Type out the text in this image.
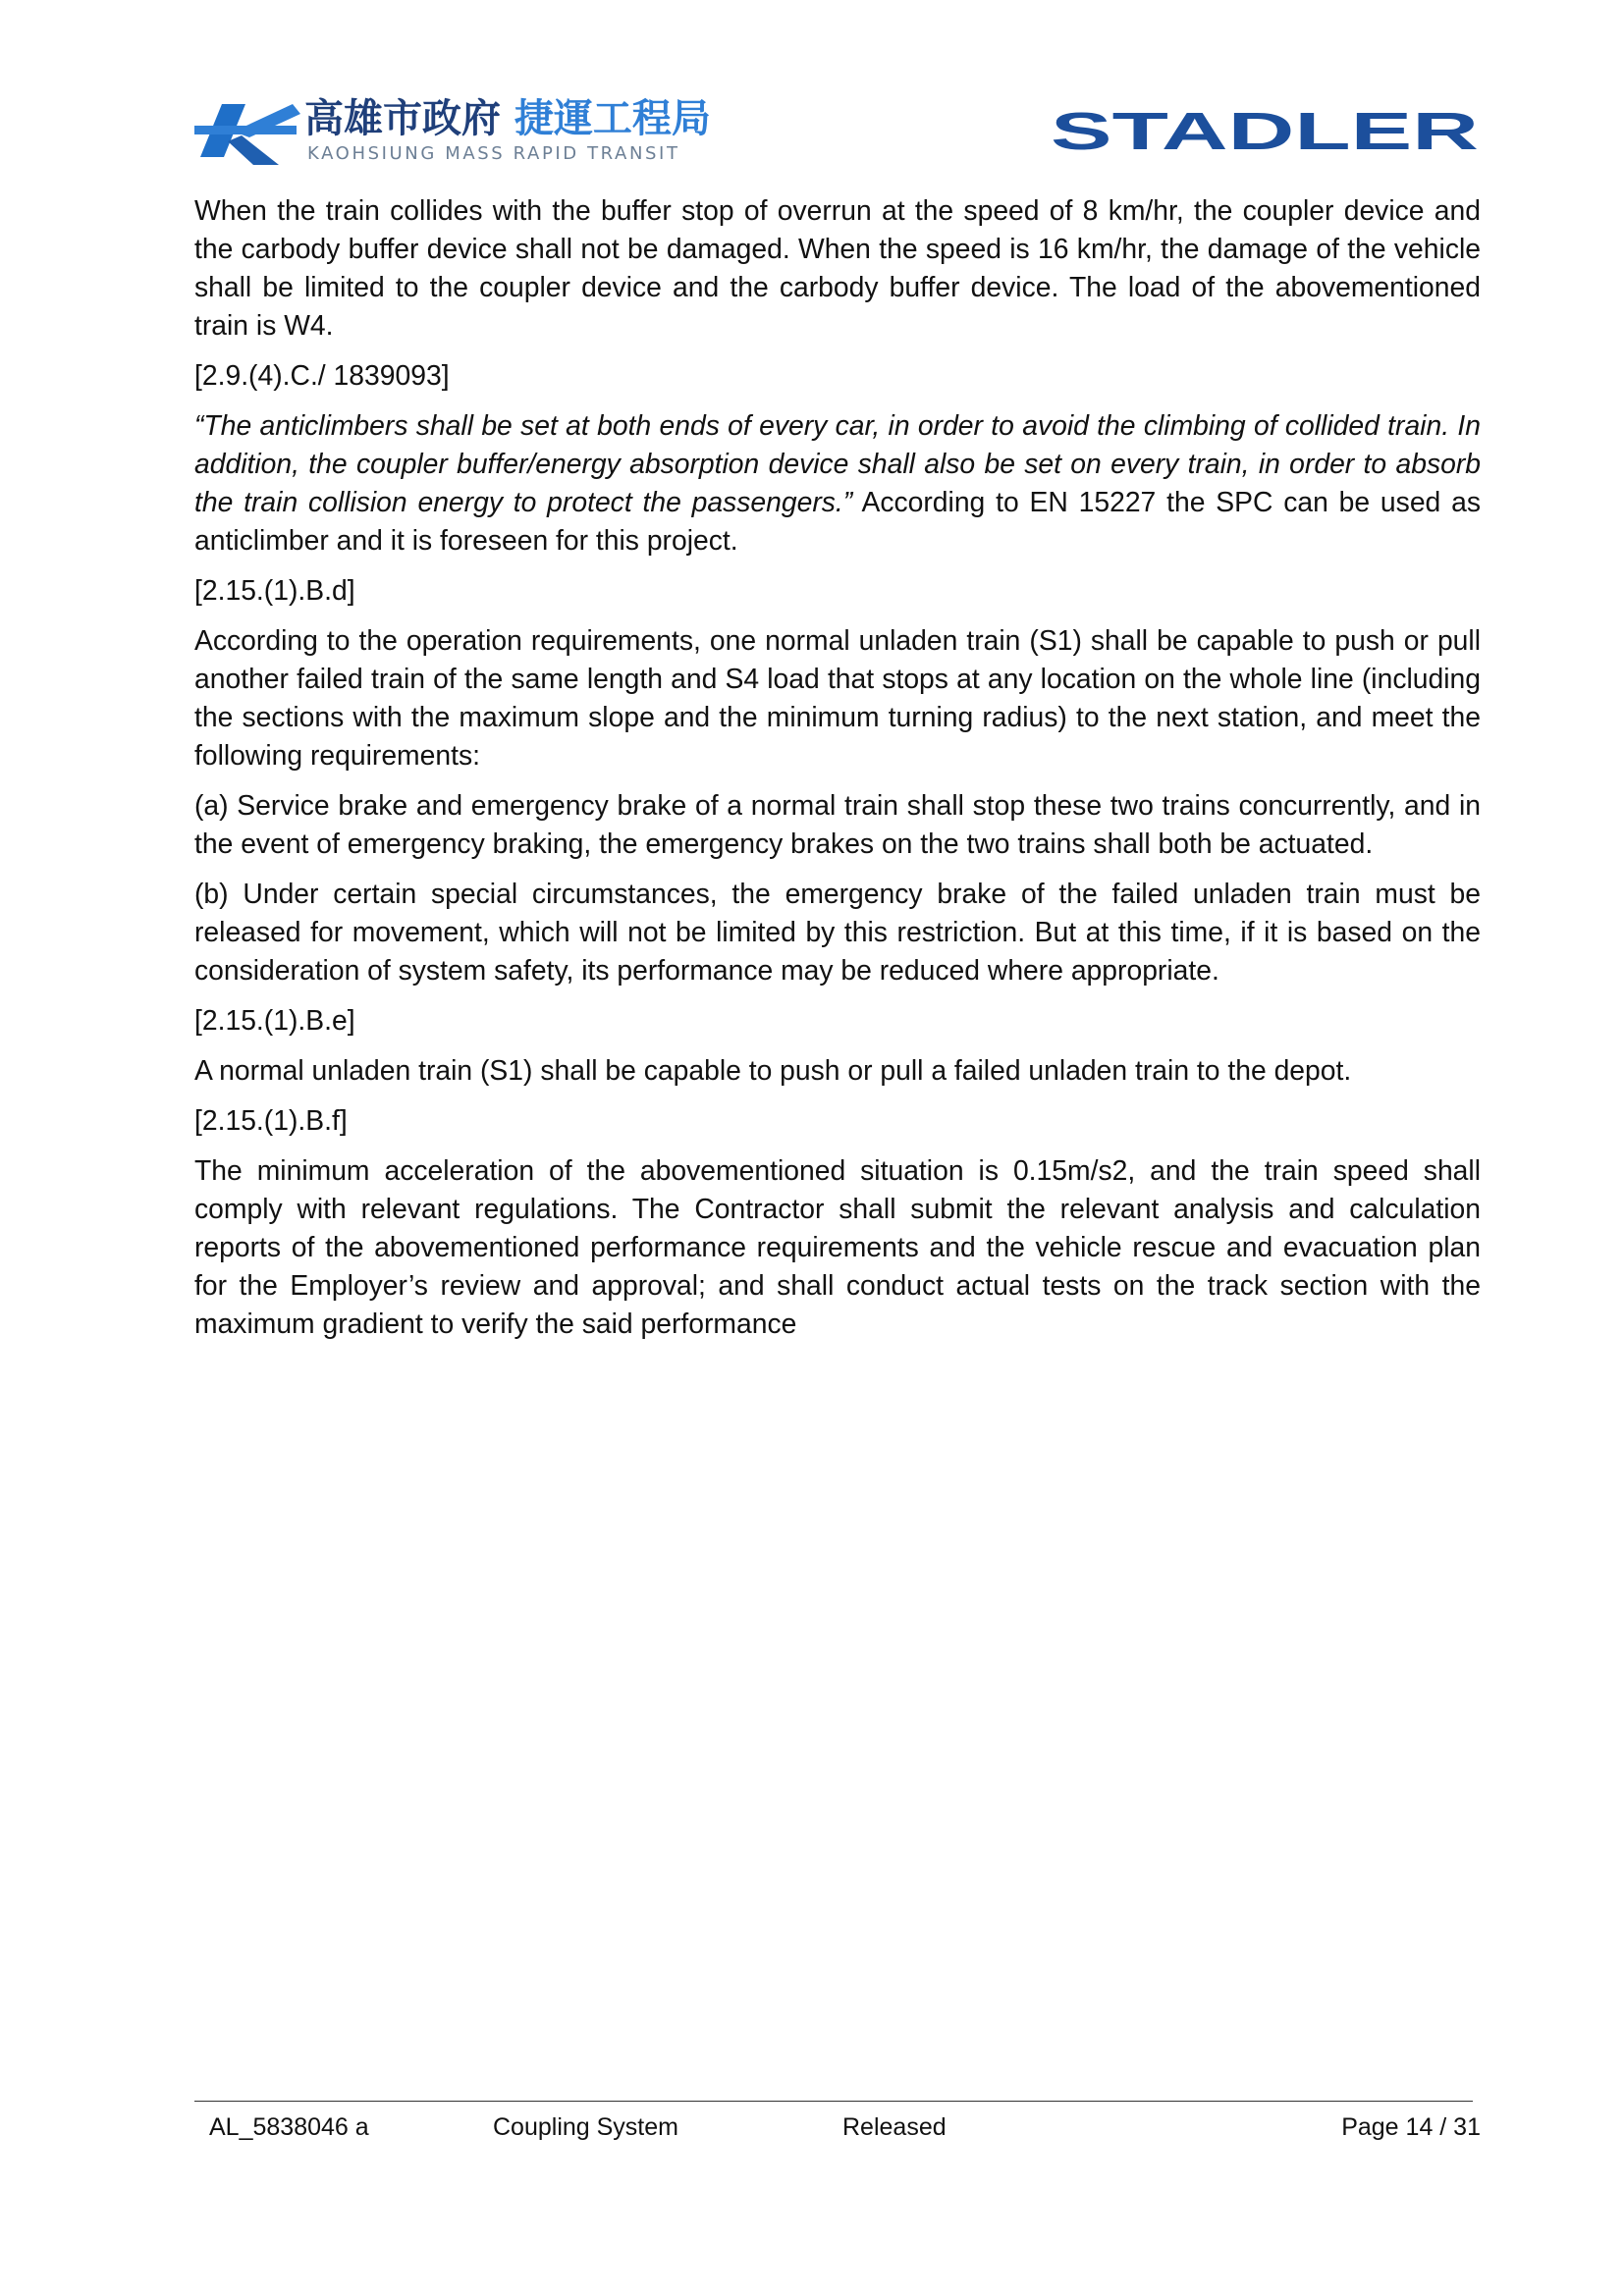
高雄市政府 捷運工程局
KAOHSIUNG MASS RAPID TRANSIT	STADLER

When the train collides with the buffer stop of overrun at the speed of 8 km/hr, the coupler device and the carbody buffer device shall not be damaged. When the speed is 16 km/hr, the damage of the vehicle shall be limited to the coupler device and the carbody buffer device. The load of the abovementioned train is W4.

[2.9.(4).C./ 1839093]

“The anticlimbers shall be set at both ends of every car, in order to avoid the climbing of collided train. In addition, the coupler buffer/energy absorption device shall also be set on every train, in order to absorb the train collision energy to protect the passengers.” According to EN 15227 the SPC can be used as anticlimber and it is foreseen for this project.

[2.15.(1).B.d]

According to the operation requirements, one normal unladen train (S1) shall be capable to push or pull another failed train of the same length and S4 load that stops at any location on the whole line (including the sections with the maximum slope and the minimum turning radius) to the next station, and meet the following requirements:

(a) Service brake and emergency brake of a normal train shall stop these two trains concurrently, and in the event of emergency braking, the emergency brakes on the two trains shall both be actuated.

(b) Under certain special circumstances, the emergency brake of the failed unladen train must be released for movement, which will not be limited by this restriction. But at this time, if it is based on the consideration of system safety, its performance may be reduced where appropriate.

[2.15.(1).B.e]

A normal unladen train (S1) shall be capable to push or pull a failed unladen train to the depot.

[2.15.(1).B.f]

The minimum acceleration of the abovementioned situation is 0.15m/s2, and the train speed shall comply with relevant regulations. The Contractor shall submit the relevant analysis and calculation reports of the abovementioned performance requirements and the vehicle rescue and evacuation plan for the Employer’s review and approval; and shall conduct actual tests on the track section with the maximum gradient to verify the said performance

AL_5838046 a	Coupling System	Released	Page 14 / 31
